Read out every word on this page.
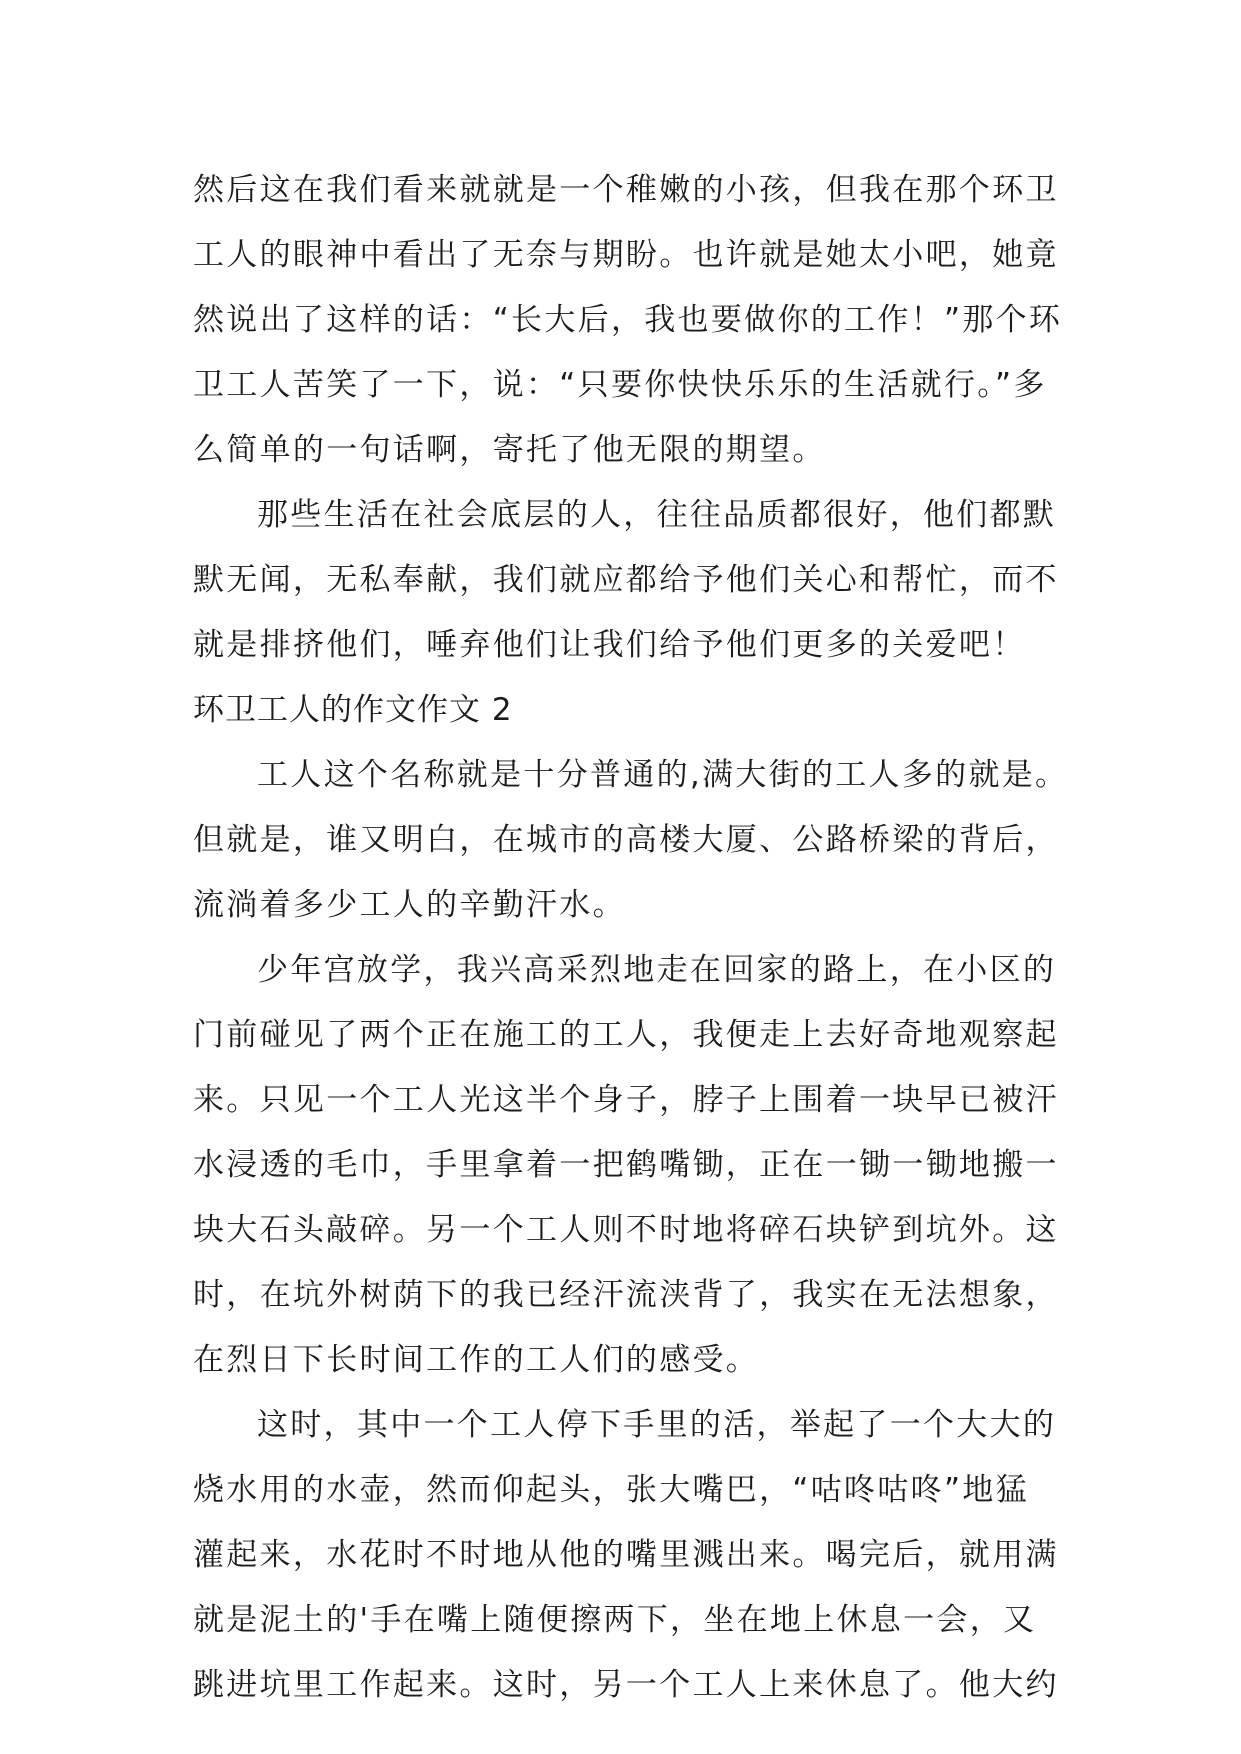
然后这在我们看来就就是一个稚嫩的小孩，但我在那个环卫
工人的眼神中看出了无奈与期盼。也许就是她太小吧，她竟
然说出了这样的话：“长大后，我也要做你的工作！”那个环
卫工人苦笑了一下，说：“只要你快快乐乐的生活就行。”多
么简单的一句话啊，寄托了他无限的期望。
那些生活在社会底层的人，往往品质都很好，他们都默
默无闻，无私奉献，我们就应都给予他们关心和帮忙，而不
就是排挤他们，唾弃他们让我们给予他们更多的关爱吧！
环卫工人的作文作文 2
工人这个名称就是十分普通的,满大街的工人多的就是。
但就是，谁又明白，在城市的高楼大厦、公路桥梁的背后，
流淌着多少工人的辛勤汗水。
少年宫放学，我兴高采烈地走在回家的路上，在小区的
门前碰见了两个正在施工的工人，我便走上去好奇地观察起
来。只见一个工人光这半个身子，脖子上围着一块早已被汗
水浸透的毛巾，手里拿着一把鹤嘴锄，正在一锄一锄地搬一
块大石头敲碎。另一个工人则不时地将碎石块铲到坑外。这
时，在坑外树荫下的我已经汗流浃背了，我实在无法想象，
在烈日下长时间工作的工人们的感受。
这时，其中一个工人停下手里的活，举起了一个大大的
烧水用的水壶，然而仰起头，张大嘴巴，“咕咚咕咚”地猛
灌起来，水花时不时地从他的嘴里溅出来。喝完后，就用满
就是泥土的'手在嘴上随便擦两下，坐在地上休息一会，又
跳进坑里工作起来。这时，另一个工人上来休息了。他大约
